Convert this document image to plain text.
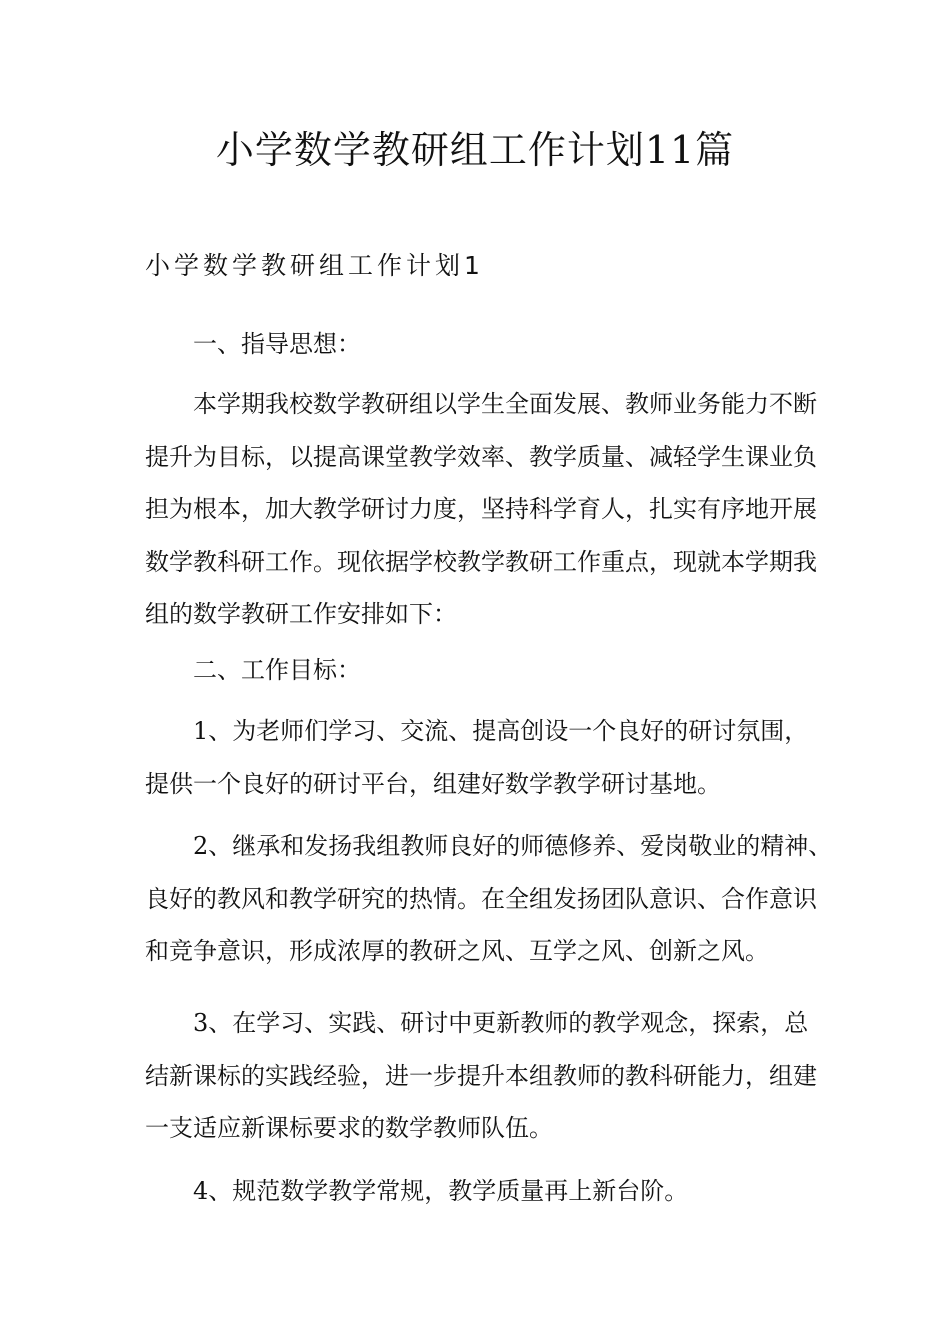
小学数学教研组工作计划11篇
小学数学教研组工作计划1
一、指导思想：
本学期我校数学教研组以学生全面发展、教师业务能力不断
提升为目标，以提高课堂教学效率、教学质量、减轻学生课业负
担为根本，加大教学研讨力度，坚持科学育人，扎实有序地开展
数学教科研工作。现依据学校教学教研工作重点，现就本学期我
组的数学教研工作安排如下：
二、工作目标：
1、为老师们学习、交流、提高创设一个良好的研讨氛围，
提供一个良好的研讨平台，组建好数学教学研讨基地。
2、继承和发扬我组教师良好的师德修养、爱岗敬业的精神、
良好的教风和教学研究的热情。在全组发扬团队意识、合作意识
和竞争意识，形成浓厚的教研之风、互学之风、创新之风。
3、在学习、实践、研讨中更新教师的教学观念，探索，总
结新课标的实践经验，进一步提升本组教师的教科研能力，组建
一支适应新课标要求的数学教师队伍。
4、规范数学教学常规，教学质量再上新台阶。
